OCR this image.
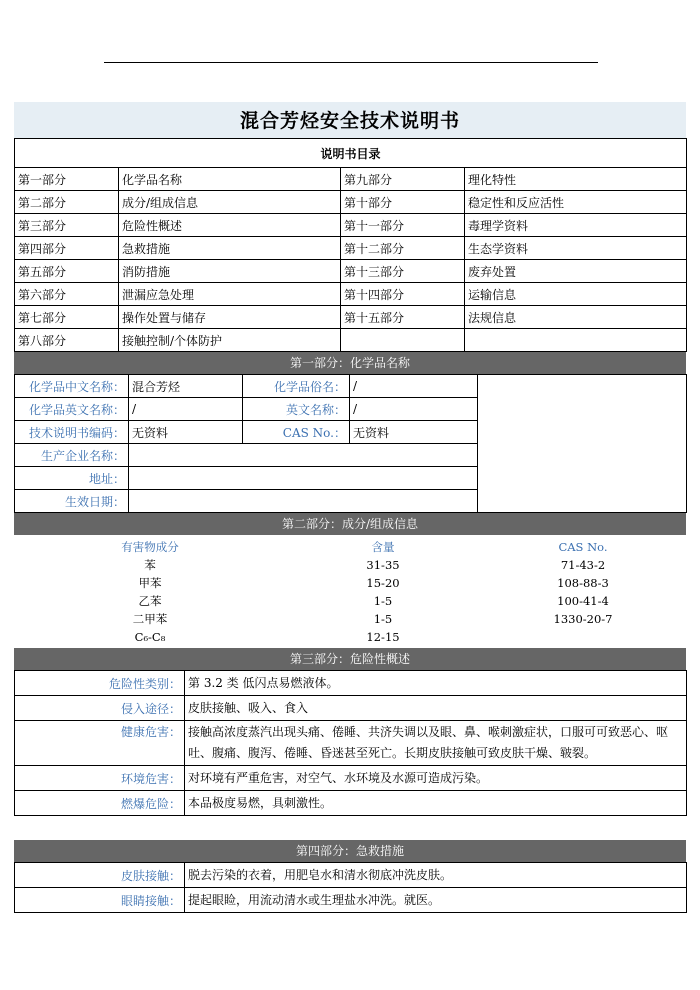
混合芳烃安全技术说明书
说明书目录			
第一部分	化学品名称	第九部分	理化特性
第二部分	成分/组成信息	第十部分	稳定性和反应活性
第三部分	危险性概述	第十一部分	毒理学资料
第四部分	急救措施	第十二部分	生态学资料
第五部分	消防措施	第十三部分	废弃处置
第六部分	泄漏应急处理	第十四部分	运输信息
第七部分	操作处置与储存	第十五部分	法规信息
第八部分	接触控制/个体防护		
第一部分：化学品名称
化学品中文名称：	混合芳烃	化学品俗名：	/	
化学品英文名称：	/	英文名称：	/	
技术说明书编码：	无资料	CAS No.：	无资料	
生产企业名称：				
地址：				
生效日期：				
第二部分：成分/组成信息
有害物成分	含量	CAS No.
苯	31-35	71-43-2
甲苯	15-20	108-88-3
乙苯	1-5	100-41-4
二甲苯	1-5	1330-20-7
C₆-C₈	12-15	
第三部分：危险性概述
危险性类别：	第 3.2 类 低闪点易燃液体。
侵入途径：	皮肤接触、吸入、食入
健康危害：	接触高浓度蒸汽出现头痛、倦睡、共济失调以及眼、鼻、喉刺激症状，口服可可致恶心、呕吐、腹痛、腹泻、倦睡、昏迷甚至死亡。长期皮肤接触可致皮肤干燥、皲裂。
环境危害：	对环境有严重危害，对空气、水环境及水源可造成污染。
燃爆危险：	本品极度易燃，具刺激性。
第四部分：急救措施
皮肤接触：	脱去污染的衣着，用肥皂水和清水彻底冲洗皮肤。
眼睛接触：	提起眼睑，用流动清水或生理盐水冲洗。就医。
